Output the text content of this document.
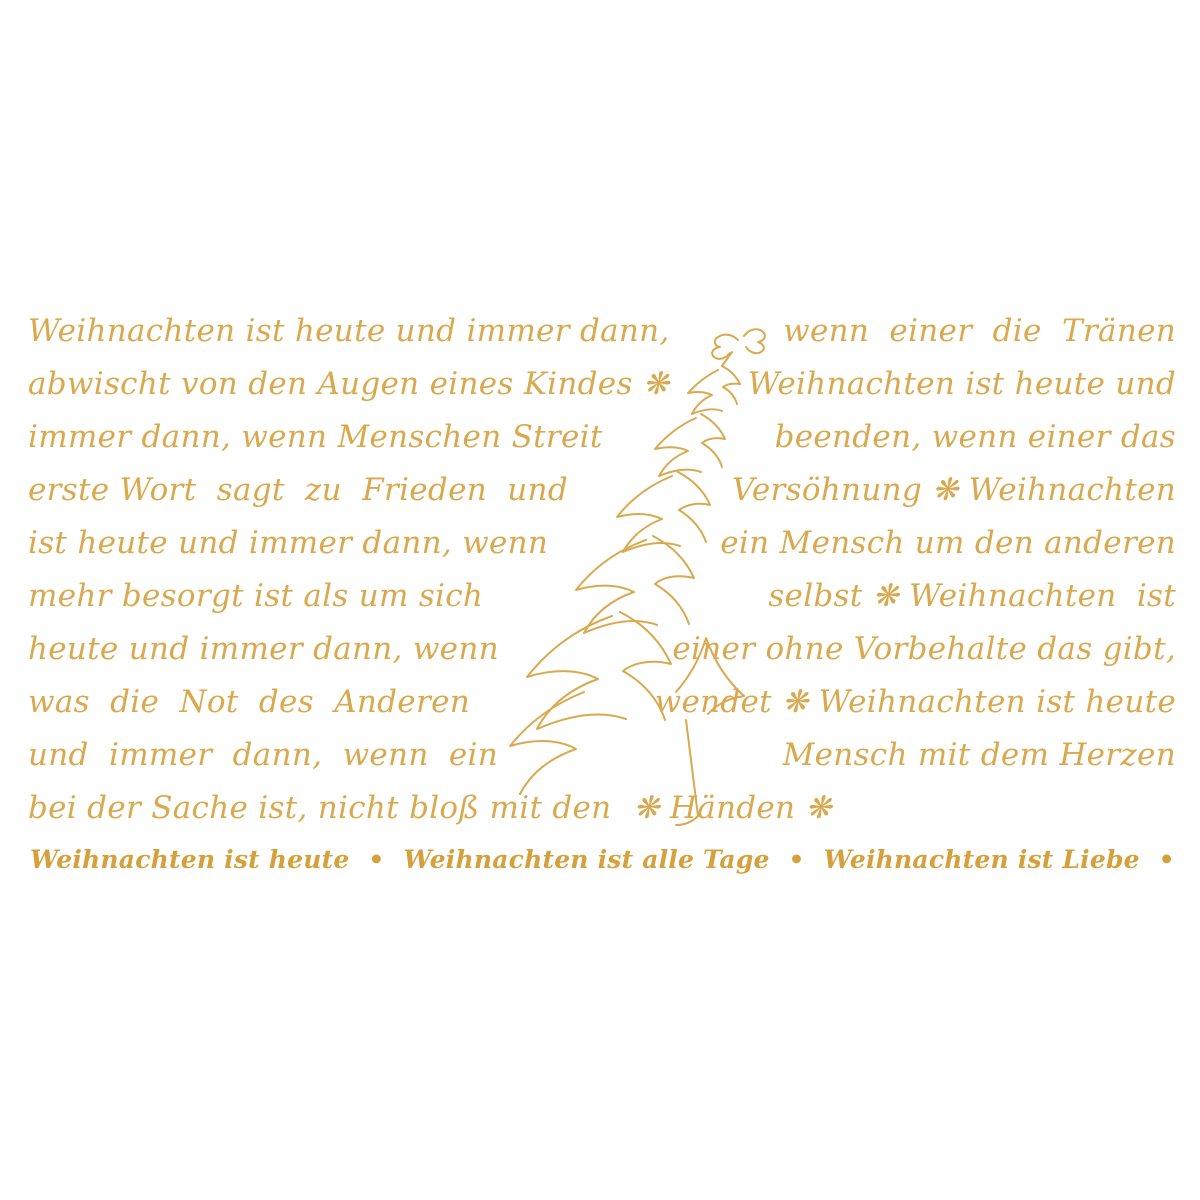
Weihnachten ist heute und immer dann,	wenn  einer  die  Tränen
abwischt von den Augen eines Kindes ❋	Weihnachten ist heute und
immer dann, wenn Menschen Streit	beenden, wenn einer das
erste Wort  sagt  zu  Frieden  und	Versöhnung ❋ Weihnachten
ist heute und immer dann, wenn	ein Mensch um den anderen
mehr besorgt ist als um sich	selbst ❋ Weihnachten  ist
heute und immer dann, wenn	einer ohne Vorbehalte das gibt,
was  die  Not  des  Anderen	wendet ❋ Weihnachten ist heute
und  immer  dann,  wenn  ein	Mensch mit dem Herzen
bei der Sache ist, nicht bloß mit den ❋ Händen ❋
Weihnachten ist heute • Weihnachten ist alle Tage • Weihnachten ist Liebe •
